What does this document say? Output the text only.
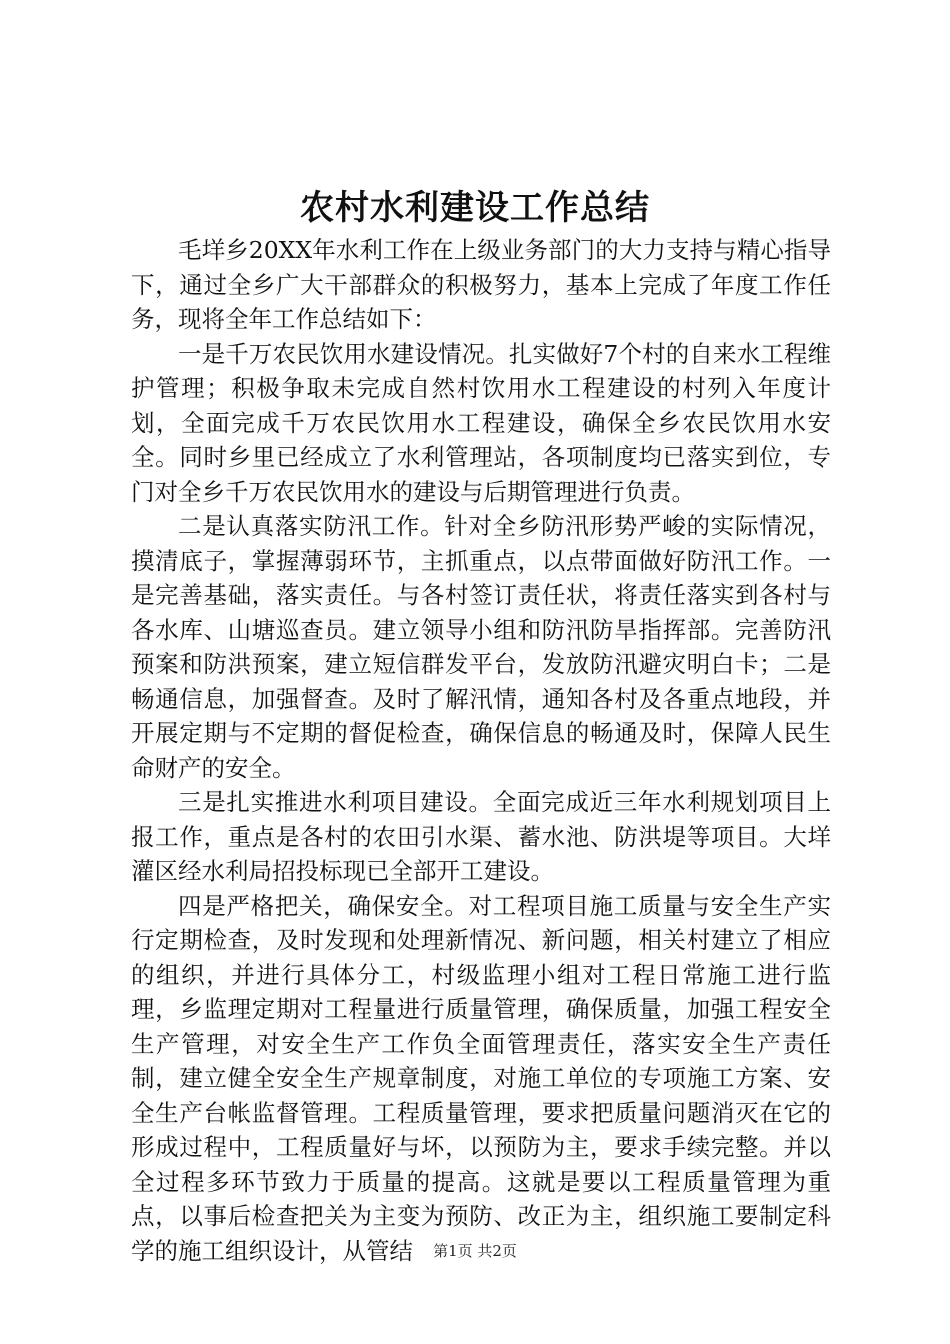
农村水利建设工作总结

毛垟乡20XX年水利工作在上级业务部门的大力支持与精心指导下，通过全乡广大干部群众的积极努力，基本上完成了年度工作任务，现将全年工作总结如下：

一是千万农民饮用水建设情况。扎实做好7个村的自来水工程维护管理；积极争取未完成自然村饮用水工程建设的村列入年度计划，全面完成千万农民饮用水工程建设，确保全乡农民饮用水安全。同时乡里已经成立了水利管理站，各项制度均已落实到位，专门对全乡千万农民饮用水的建设与后期管理进行负责。

二是认真落实防汛工作。针对全乡防汛形势严峻的实际情况，摸清底子，掌握薄弱环节，主抓重点，以点带面做好防汛工作。一是完善基础，落实责任。与各村签订责任状，将责任落实到各村与各水库、山塘巡查员。建立领导小组和防汛防旱指挥部。完善防汛预案和防洪预案，建立短信群发平台，发放防汛避灾明白卡；二是畅通信息，加强督查。及时了解汛情，通知各村及各重点地段，并开展定期与不定期的督促检查，确保信息的畅通及时，保障人民生命财产的安全。

三是扎实推进水利项目建设。全面完成近三年水利规划项目上报工作，重点是各村的农田引水渠、蓄水池、防洪堤等项目。大垟灌区经水利局招投标现已全部开工建设。

四是严格把关，确保安全。对工程项目施工质量与安全生产实行定期检查，及时发现和处理新情况、新问题，相关村建立了相应的组织，并进行具体分工，村级监理小组对工程日常施工进行监理，乡监理定期对工程量进行质量管理，确保质量，加强工程安全生产管理，对安全生产工作负全面管理责任，落实安全生产责任制，建立健全安全生产规章制度，对施工单位的专项施工方案、安全生产台帐监督管理。工程质量管理，要求把质量问题消灭在它的形成过程中，工程质量好与坏，以预防为主，要求手续完整。并以全过程多环节致力于质量的提高。这就是要以工程质量管理为重点，以事后检查把关为主变为预防、改正为主，组织施工要制定科学的施工组织设计，从管结	第1页 共2页
